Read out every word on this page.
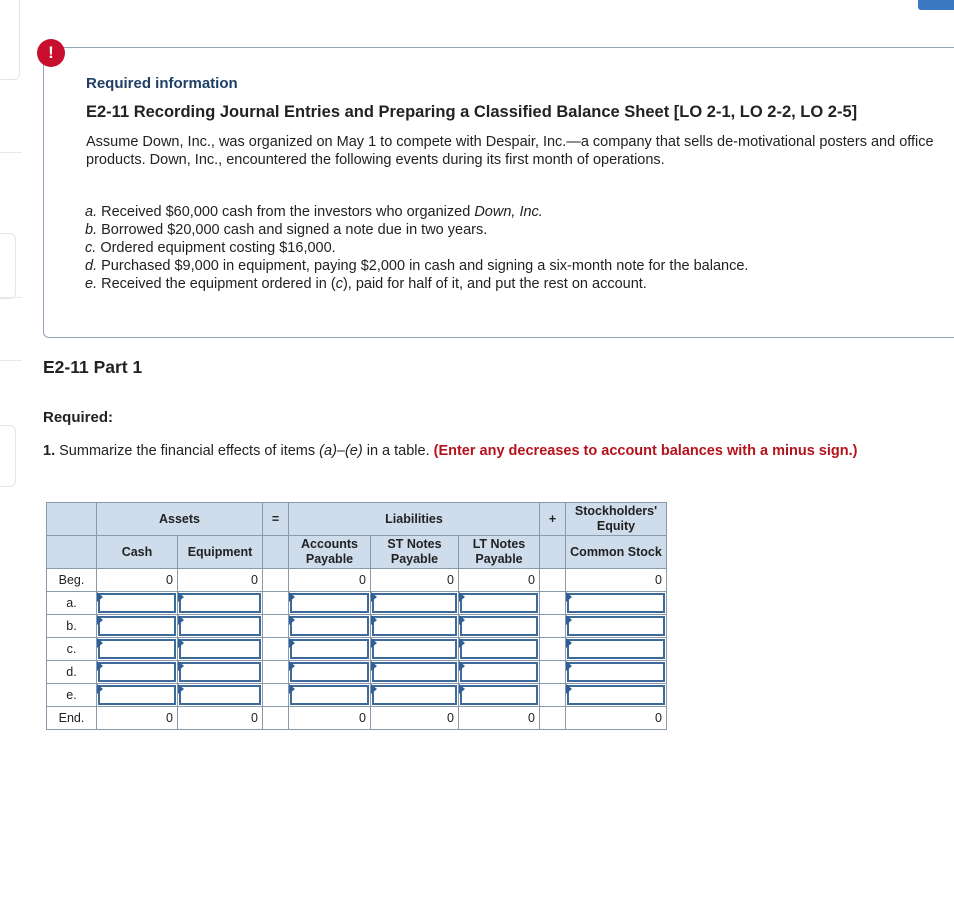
!
Required information
E2-11 Recording Journal Entries and Preparing a Classified Balance Sheet [LO 2-1, LO 2-2, LO 2-5]
Assume Down, Inc., was organized on May 1 to compete with Despair, Inc.—a company that sells de-motivational posters and office products. Down, Inc., encountered the following events during its first month of operations.
a. Received $60,000 cash from the investors who organized Down, Inc.
b. Borrowed $20,000 cash and signed a note due in two years.
c. Ordered equipment costing $16,000.
d. Purchased $9,000 in equipment, paying $2,000 in cash and signing a six-month note for the balance.
e. Received the equipment ordered in (c), paid for half of it, and put the rest on account.
E2-11 Part 1
Required:
1. Summarize the financial effects of items (a)–(e) in a table. (Enter any decreases to account balances with a minus sign.)
	Assets		=	Liabilities			+	Stockholders' Equity
	Cash	Equipment		Accounts Payable	ST Notes Payable	LT Notes Payable		Common Stock
Beg.	0	0		0	0	0		0
a.	

b.	

c.	

d.	

e.	

End.	0	0		0	0	0		0
